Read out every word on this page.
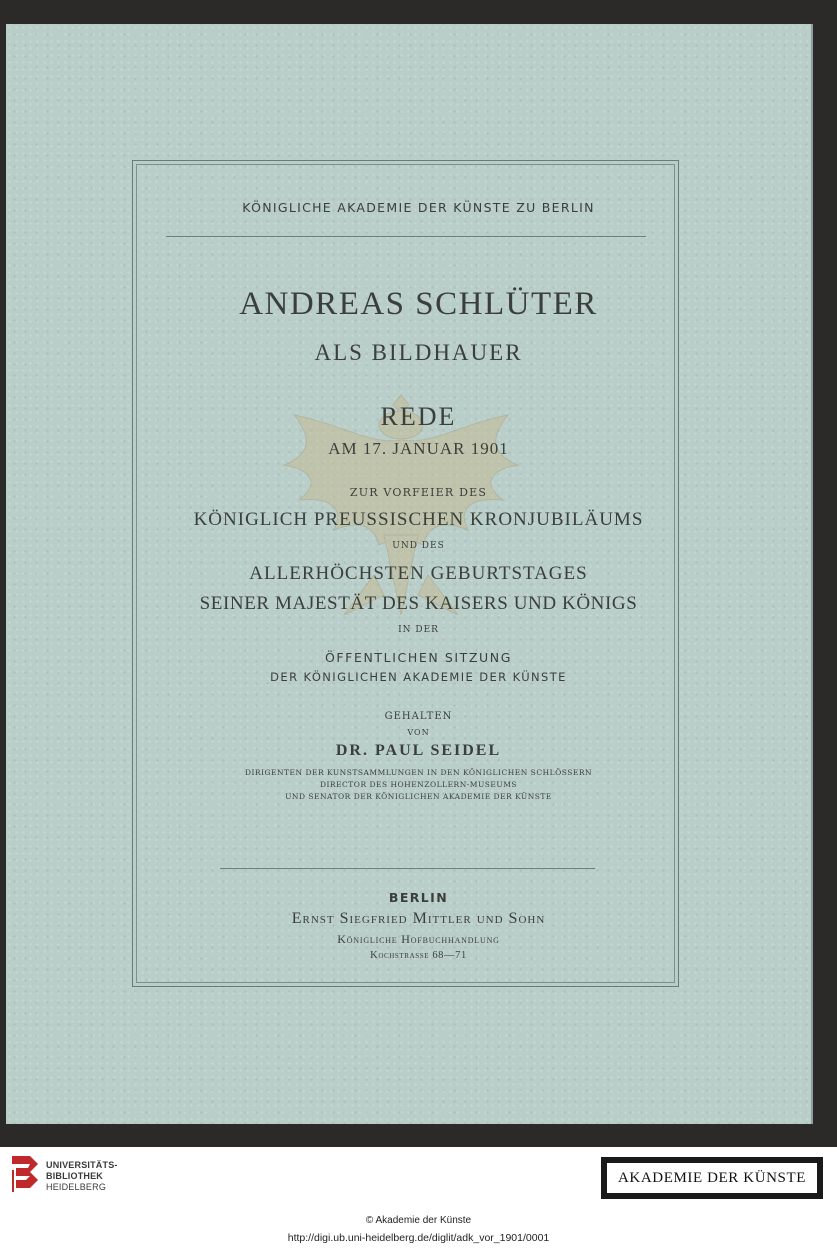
KÖNIGLICHE AKADEMIE DER KÜNSTE ZU BERLIN
ANDREAS SCHLÜTER
ALS BILDHAUER
REDE
AM 17. JANUAR 1901
ZUR VORFEIER DES
KÖNIGLICH PREUSSISCHEN KRONJUBILÄUMS
UND DES
ALLERHÖCHSTEN GEBURTSTAGES
SEINER MAJESTÄT DES KAISERS UND KÖNIGS
IN DER
ÖFFENTLICHEN SITZUNG
DER KÖNIGLICHEN AKADEMIE DER KÜNSTE
GEHALTEN
VON
DR. PAUL SEIDEL
DIRIGENTEN DER KUNSTSAMMLUNGEN IN DEN KÖNIGLICHEN SCHLÖSSERN
DIRECTOR DES HOHENZOLLERN-MUSEUMS
UND SENATOR DER KÖNIGLICHEN AKADEMIE DER KÜNSTE
BERLIN
Ernst Siegfried Mittler und Sohn
Königliche Hofbuchhandlung
Kochstrasse 68—71
UNIVERSITÄTS-
BIBLIOTHEK
HEIDELBERG
AKADEMIE DER KÜNSTE
© Akademie der Künste
http://digi.ub.uni-heidelberg.de/diglit/adk_vor_1901/0001
